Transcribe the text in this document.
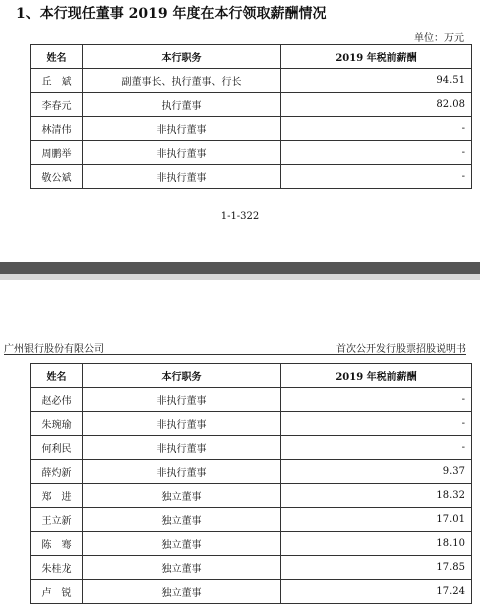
1、本行现任董事 2019 年度在本行领取薪酬情况
单位：万元
姓名	本行职务	2019 年税前薪酬
丘　斌	副董事长、执行董事、行长	94.51
李春元	执行董事	82.08
林清伟	非执行董事	-
周鹏举	非执行董事	-
敬公斌	非执行董事	-
1-1-322
广州银行股份有限公司	首次公开发行股票招股说明书
姓名	本行职务	2019 年税前薪酬
赵必伟	非执行董事	-
朱琬瑜	非执行董事	-
何利民	非执行董事	-
薛灼新	非执行董事	9.37
郑　进	独立董事	18.32
王立新	独立董事	17.01
陈　骞	独立董事	18.10
朱桂龙	独立董事	17.85
卢　锐	独立董事	17.24
